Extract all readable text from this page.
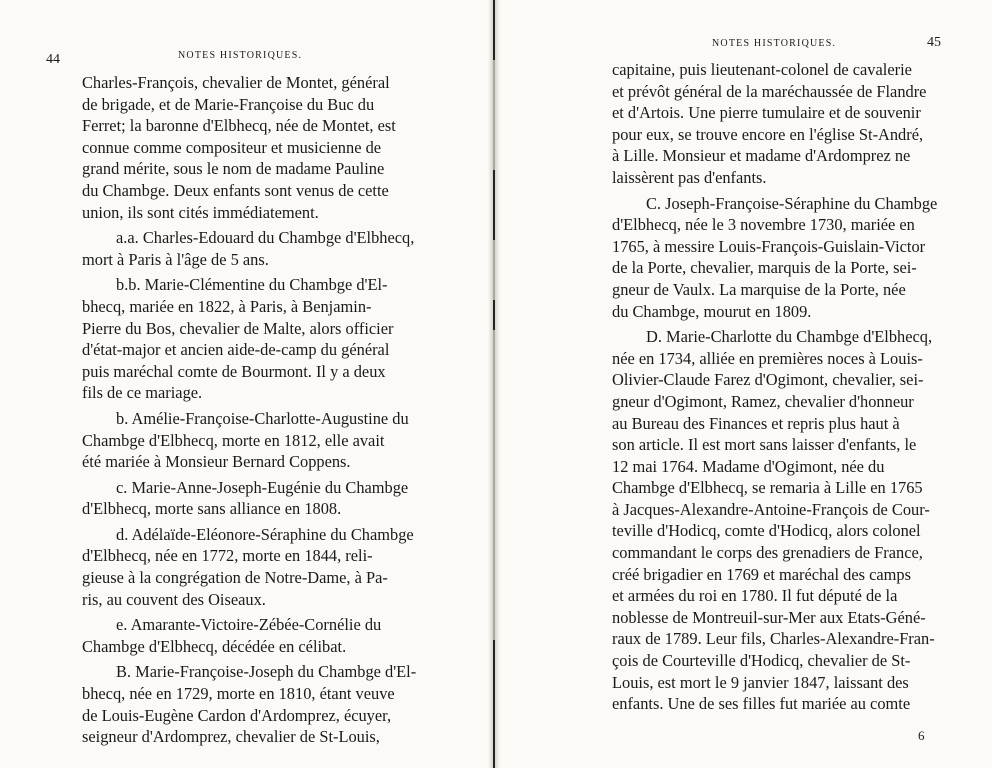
44	NOTES HISTORIQUES.
Charles-François, chevalier de Montet, général
de brigade, et de Marie-Françoise du Buc du
Ferret; la baronne d'Elbhecq, née de Montet, est
connue comme compositeur et musicienne de
grand mérite, sous le nom de madame Pauline
du Chambge. Deux enfants sont venus de cette
union, ils sont cités immédiatement.
a.a. Charles-Edouard du Chambge d'Elbhecq,
mort à Paris à l'âge de 5 ans.
b.b. Marie-Clémentine du Chambge d'El-
bhecq, mariée en 1822, à Paris, à Benjamin-
Pierre du Bos, chevalier de Malte, alors officier
d'état-major et ancien aide-de-camp du général
puis maréchal comte de Bourmont. Il y a deux
fils de ce mariage.
b. Amélie-Françoise-Charlotte-Augustine du
Chambge d'Elbhecq, morte en 1812, elle avait
été mariée à Monsieur Bernard Coppens.
c. Marie-Anne-Joseph-Eugénie du Chambge
d'Elbhecq, morte sans alliance en 1808.
d. Adélaïde-Eléonore-Séraphine du Chambge
d'Elbhecq, née en 1772, morte en 1844, reli-
gieuse à la congrégation de Notre-Dame, à Pa-
ris, au couvent des Oiseaux.
e. Amarante-Victoire-Zébée-Cornélie du
Chambge d'Elbhecq, décédée en célibat.
B. Marie-Françoise-Joseph du Chambge d'El-
bhecq, née en 1729, morte en 1810, étant veuve
de Louis-Eugène Cardon d'Ardomprez, écuyer,
seigneur d'Ardomprez, chevalier de St-Louis,
NOTES HISTORIQUES.	45
capitaine, puis lieutenant-colonel de cavalerie
et prévôt général de la maréchaussée de Flandre
et d'Artois. Une pierre tumulaire et de souvenir
pour eux, se trouve encore en l'église St-André,
à Lille. Monsieur et madame d'Ardomprez ne
laissèrent pas d'enfants.
C. Joseph-Françoise-Séraphine du Chambge
d'Elbhecq, née le 3 novembre 1730, mariée en
1765, à messire Louis-François-Guislain-Victor
de la Porte, chevalier, marquis de la Porte, sei-
gneur de Vaulx. La marquise de la Porte, née
du Chambge, mourut en 1809.
D. Marie-Charlotte du Chambge d'Elbhecq,
née en 1734, alliée en premières noces à Louis-
Olivier-Claude Farez d'Ogimont, chevalier, sei-
gneur d'Ogimont, Ramez, chevalier d'honneur
au Bureau des Finances et repris plus haut à
son article. Il est mort sans laisser d'enfants, le
12 mai 1764. Madame d'Ogimont, née du
Chambge d'Elbhecq, se remaria à Lille en 1765
à Jacques-Alexandre-Antoine-François de Cour-
teville d'Hodicq, comte d'Hodicq, alors colonel
commandant le corps des grenadiers de France,
créé brigadier en 1769 et maréchal des camps
et armées du roi en 1780. Il fut député de la
noblesse de Montreuil-sur-Mer aux Etats-Géné-
raux de 1789. Leur fils, Charles-Alexandre-Fran-
çois de Courteville d'Hodicq, chevalier de St-
Louis, est mort le 9 janvier 1847, laissant des
enfants. Une de ses filles fut mariée au comte
6
